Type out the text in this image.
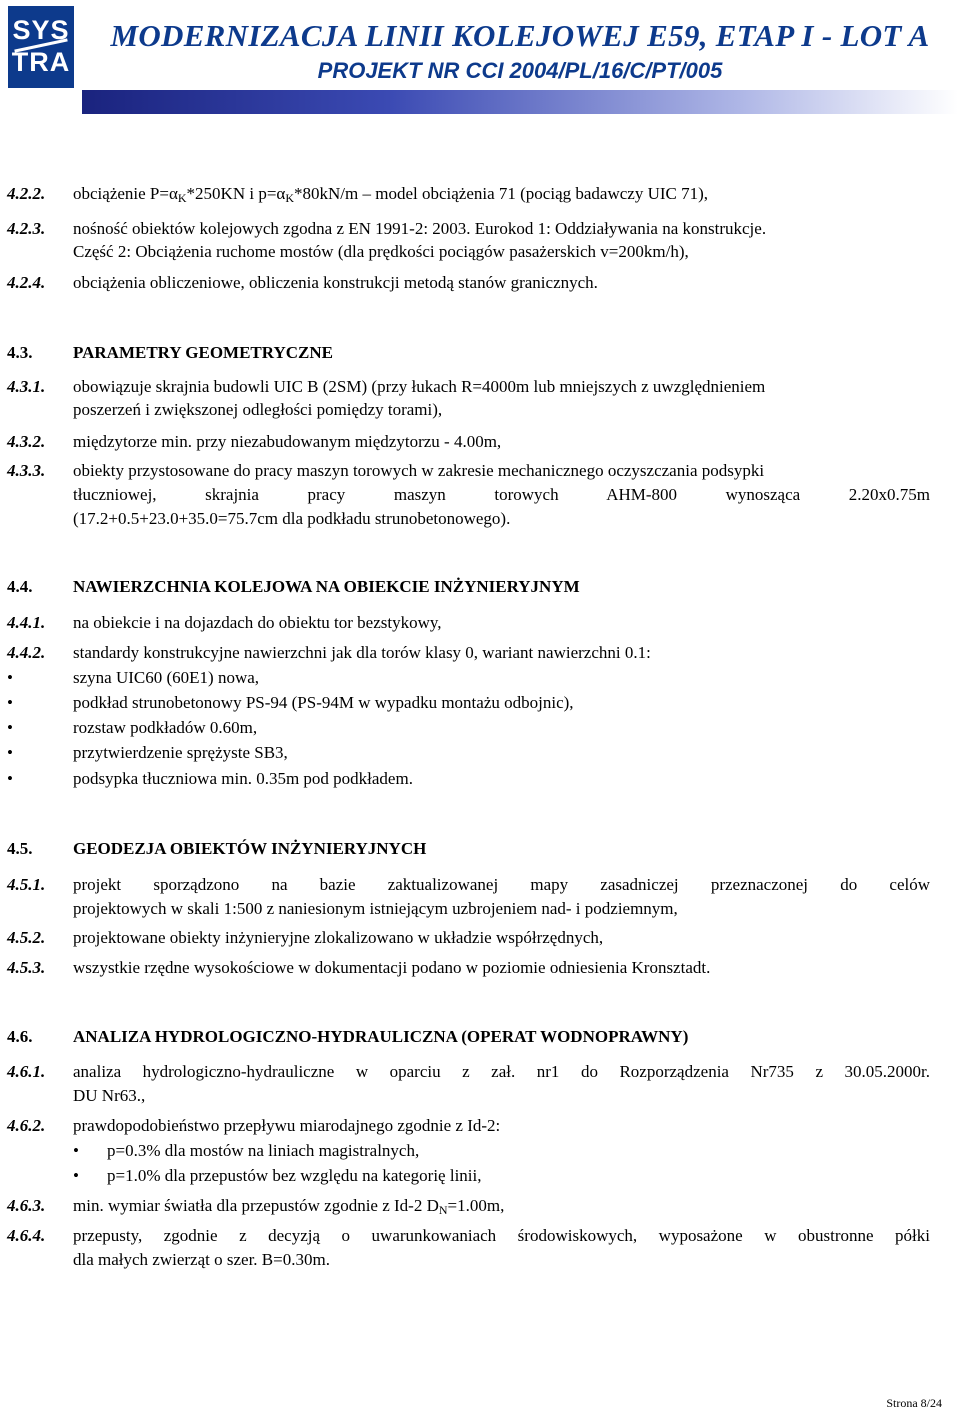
SYS
TRA
MODERNIZACJA LINII KOLEJOWEJ E59, ETAP I - LOT A
PROJEKT NR CCI 2004/PL/16/C/PT/005
4.2.2. obciążenie $P=\alpha_K*250KN$ i $p=\alpha_K*80kN/m$ – model obciążenia 71 (pociąg badawczy UIC 71),
4.2.3. nośność obiektów kolejowych zgodna z EN 1991-2: 2003. Eurokod 1: Oddziaływania na konstrukcje.
Część 2: Obciążenia ruchome mostów (dla prędkości pociągów pasażerskich v=200km/h),
4.2.4. obciążenia obliczeniowe, obliczenia konstrukcji metodą stanów granicznych.
4.3. PARAMETRY GEOMETRYCZNE
4.3.1. obowiązuje skrajnia budowli UIC B (2SM) (przy łukach R=4000m lub mniejszych z uwzględnieniem
poszerzeń i zwiększonej odległości pomiędzy torami),
4.3.2. międzytorze min. przy niezabudowanym międzytorzu - 4.00m,
4.3.3. obiekty przystosowane do pracy maszyn torowych w zakresie mechanicznego oczyszczania podsypki
tłuczniowej, skrajnia pracy maszyn torowych AHM-800 wynosząca 2.20x0.75m
(17.2+0.5+23.0+35.0=75.7cm dla podkładu strunobetonowego).
4.4. NAWIERZCHNIA KOLEJOWA NA OBIEKCIE INŻYNIERYJNYM
4.4.1. na obiekcie i na dojazdach do obiektu tor bezstykowy,
4.4.2. standardy konstrukcyjne nawierzchni jak dla torów klasy 0, wariant nawierzchni 0.1:
•	szyna UIC60 (60E1) nowa,
•	podkład strunobetonowy PS-94 (PS-94M w wypadku montażu odbojnic),
•	rozstaw podkładów 0.60m,
•	przytwierdzenie sprężyste SB3,
•	podsypka tłuczniowa min. 0.35m pod podkładem.
4.5. GEODEZJA OBIEKTÓW INŻYNIERYJNYCH
4.5.1. projekt sporządzono na bazie zaktualizowanej mapy zasadniczej przeznaczonej do celów
projektowych w skali 1:500 z naniesionym istniejącym uzbrojeniem nad- i podziemnym,
4.5.2. projektowane obiekty inżynieryjne zlokalizowano w układzie współrzędnych,
4.5.3. wszystkie rzędne wysokościowe w dokumentacji podano w poziomie odniesienia Kronsztadt.
4.6. ANALIZA HYDROLOGICZNO-HYDRAULICZNA (OPERAT WODNOPRAWNY)
4.6.1. analiza hydrologiczno-hydrauliczne w oparciu z zał. nr1 do Rozporządzenia Nr735 z 30.05.2000r.
DU Nr63.,
4.6.2. prawdopodobieństwo przepływu miarodajnego zgodnie z Id-2:
• p=0.3% dla mostów na liniach magistralnych,
• p=1.0% dla przepustów bez względu na kategorię linii,
4.6.3. min. wymiar światła dla przepustów zgodnie z Id-2 $D_N=1.00m$,
4.6.4. przepusty, zgodnie z decyzją o uwarunkowaniach środowiskowych, wyposażone w obustronne półki
dla małych zwierząt o szer. B=0.30m.
Strona 8/24
